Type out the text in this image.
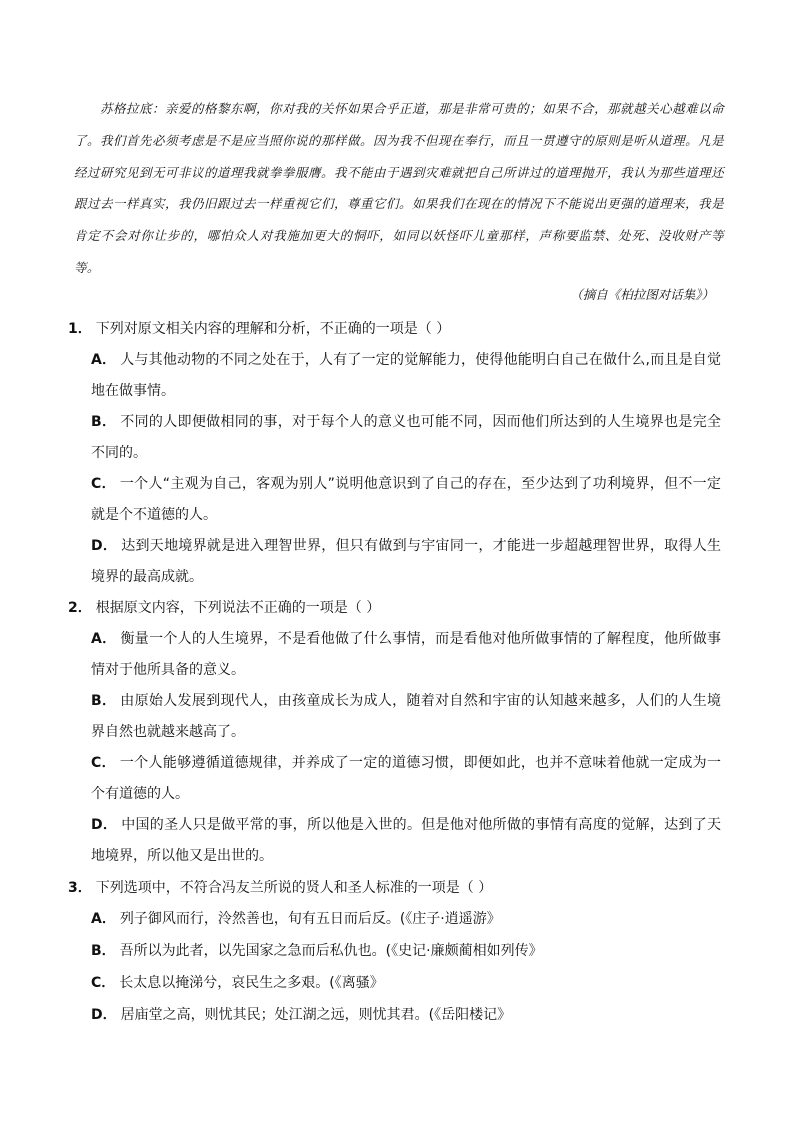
苏格拉底：亲爱的格黎东啊，你对我的关怀如果合乎正道，那是非常可贵的；如果不合，那就越关心越难以命了。我们首先必须考虑是不是应当照你说的那样做。因为我不但现在奉行，而且一贯遵守的原则是听从道理。凡是经过研究见到无可非议的道理我就拳拳服膺。我不能由于遇到灾难就把自己所讲过的道理抛开，我认为那些道理还跟过去一样真实，我仍旧跟过去一样重视它们，尊重它们。如果我们在现在的情况下不能说出更强的道理来，我是肯定不会对你让步的，哪怕众人对我施加更大的恫吓，如同以妖怪吓儿童那样，声称要监禁、处死、没收财产等等。

（摘自《柏拉图对话集》）

1． 下列对原文相关内容的理解和分析，不正确的一项是（ ）

A． 人与其他动物的不同之处在于，人有了一定的觉解能力，使得他能明白自己在做什么,而且是自觉地在做事情。

B． 不同的人即便做相同的事，对于每个人的意义也可能不同，因而他们所达到的人生境界也是完全不同的。

C． 一个人“主观为自己，客观为别人”说明他意识到了自己的存在，至少达到了功利境界，但不一定就是个不道德的人。

D． 达到天地境界就是进入理智世界，但只有做到与宇宙同一，才能进一步超越理智世界，取得人生境界的最高成就。

2． 根据原文内容，下列说法不正确的一项是（ ）

A． 衡量一个人的人生境界，不是看他做了什么事情，而是看他对他所做事情的了解程度，他所做事情对于他所具备的意义。

B． 由原始人发展到现代人，由孩童成长为成人，随着对自然和宇宙的认知越来越多，人们的人生境界自然也就越来越高了。

C． 一个人能够遵循道德规律，并养成了一定的道德习惯，即便如此，也并不意味着他就一定成为一个有道德的人。

D． 中国的圣人只是做平常的事，所以他是入世的。但是他对他所做的事情有高度的觉解，达到了天地境界，所以他又是出世的。

3． 下列选项中，不符合冯友兰所说的贤人和圣人标准的一项是（ ）

A． 列子御风而行，泠然善也，旬有五日而后反。(《庄子·逍遥游》

B． 吾所以为此者，以先国家之急而后私仇也。(《史记·廉颇蔺相如列传》

C． 长太息以掩涕兮，哀民生之多艰。(《离骚》

D． 居庙堂之高，则忧其民；处江湖之远，则忧其君。(《岳阳楼记》
